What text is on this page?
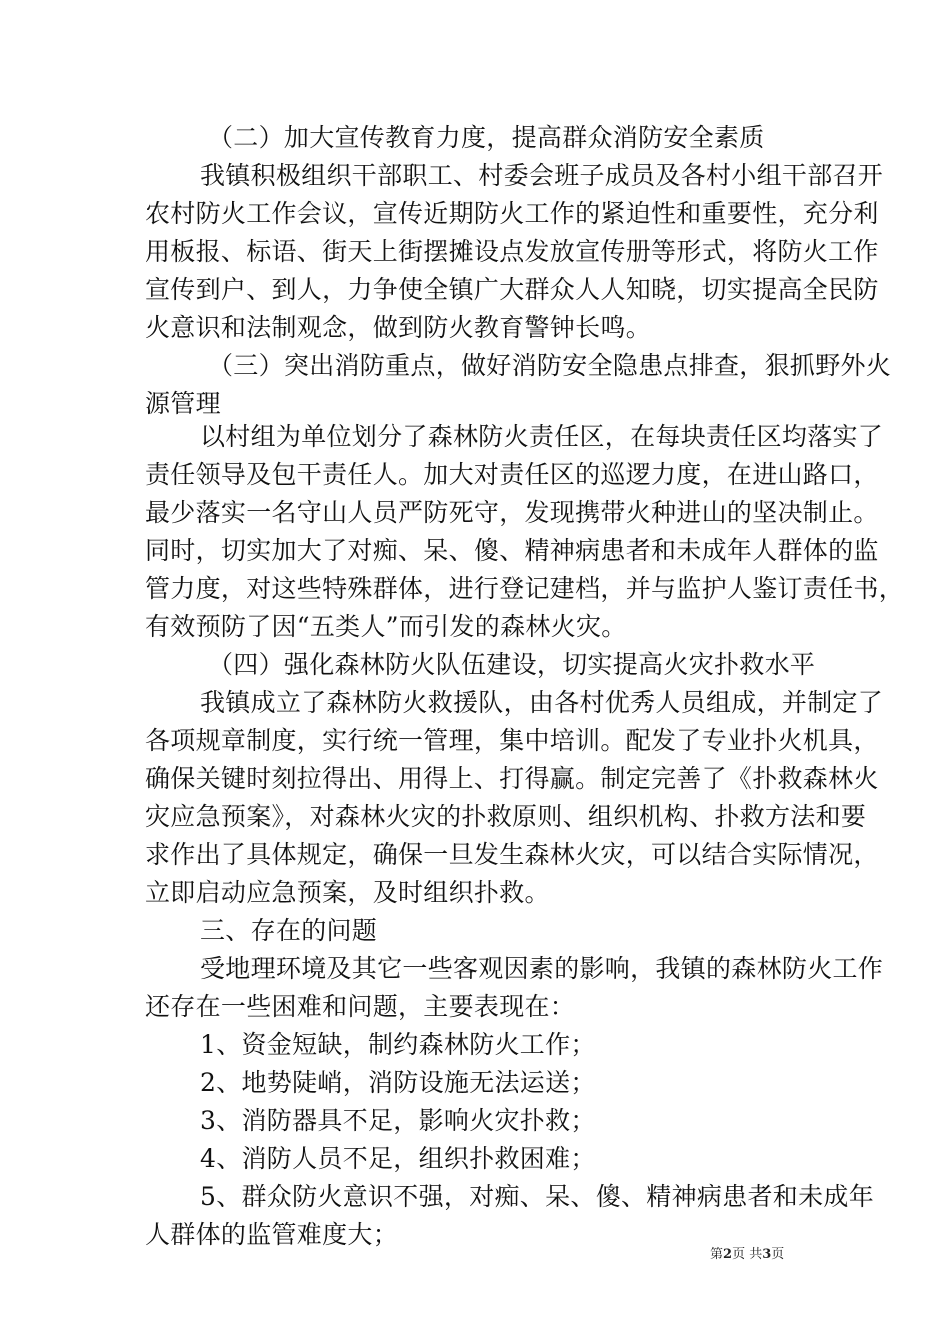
（二）加大宣传教育力度，提高群众消防安全素质
我镇积极组织干部职工、村委会班子成员及各村小组干部召开
农村防火工作会议，宣传近期防火工作的紧迫性和重要性，充分利
用板报、标语、街天上街摆摊设点发放宣传册等形式，将防火工作
宣传到户、到人，力争使全镇广大群众人人知晓，切实提高全民防
火意识和法制观念，做到防火教育警钟长鸣。
（三）突出消防重点，做好消防安全隐患点排查，狠抓野外火
源管理
以村组为单位划分了森林防火责任区，在每块责任区均落实了
责任领导及包干责任人。加大对责任区的巡逻力度，在进山路口，
最少落实一名守山人员严防死守，发现携带火种进山的坚决制止。
同时，切实加大了对痴、呆、傻、精神病患者和未成年人群体的监
管力度，对这些特殊群体，进行登记建档，并与监护人鉴订责任书，
有效预防了因“五类人”而引发的森林火灾。
（四）强化森林防火队伍建设，切实提高火灾扑救水平
我镇成立了森林防火救援队，由各村优秀人员组成，并制定了
各项规章制度，实行统一管理，集中培训。配发了专业扑火机具，
确保关键时刻拉得出、用得上、打得赢。制定完善了《扑救森林火
灾应急预案》，对森林火灾的扑救原则、组织机构、扑救方法和要
求作出了具体规定，确保一旦发生森林火灾，可以结合实际情况，
立即启动应急预案，及时组织扑救。
三、存在的问题
受地理环境及其它一些客观因素的影响，我镇的森林防火工作
还存在一些困难和问题，主要表现在：
1、资金短缺，制约森林防火工作；
2、地势陡峭，消防设施无法运送；
3、消防器具不足，影响火灾扑救；
4、消防人员不足，组织扑救困难；
5、群众防火意识不强，对痴、呆、傻、精神病患者和未成年
人群体的监管难度大；
第2页 共3页
